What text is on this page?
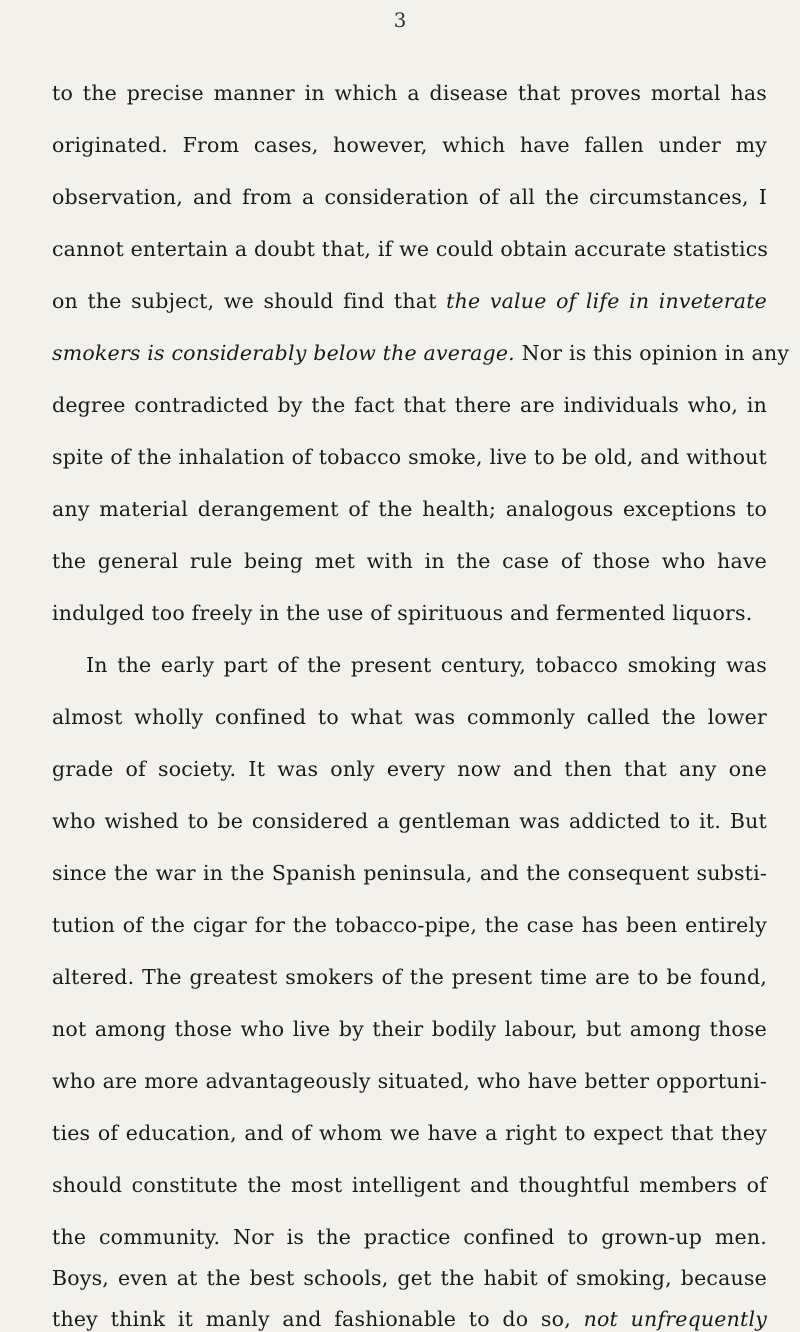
3
to the precise manner in which a disease that proves mortal has
originated. From cases, however, which have fallen under my
observation, and from a consideration of all the circumstances, I
cannot entertain a doubt that, if we could obtain accurate statistics
on the subject, we should find that the value of life in inveterate
smokers is considerably below the average. Nor is this opinion in any
degree contradicted by the fact that there are individuals who, in
spite of the inhalation of tobacco smoke, live to be old, and without
any material derangement of the health; analogous exceptions to
the general rule being met with in the case of those who have
indulged too freely in the use of spirituous and fermented liquors.
In the early part of the present century, tobacco smoking was
almost wholly confined to what was commonly called the lower
grade of society. It was only every now and then that any one
who wished to be considered a gentleman was addicted to it. But
since the war in the Spanish peninsula, and the consequent substi-
tution of the cigar for the tobacco-pipe, the case has been entirely
altered. The greatest smokers of the present time are to be found,
not among those who live by their bodily labour, but among those
who are more advantageously situated, who have better opportuni-
ties of education, and of whom we have a right to expect that they
should constitute the most intelligent and thoughtful members of
the community. Nor is the practice confined to grown-up men.
Boys, even at the best schools, get the habit of smoking, because
they think it manly and fashionable to do so, not unfrequently
